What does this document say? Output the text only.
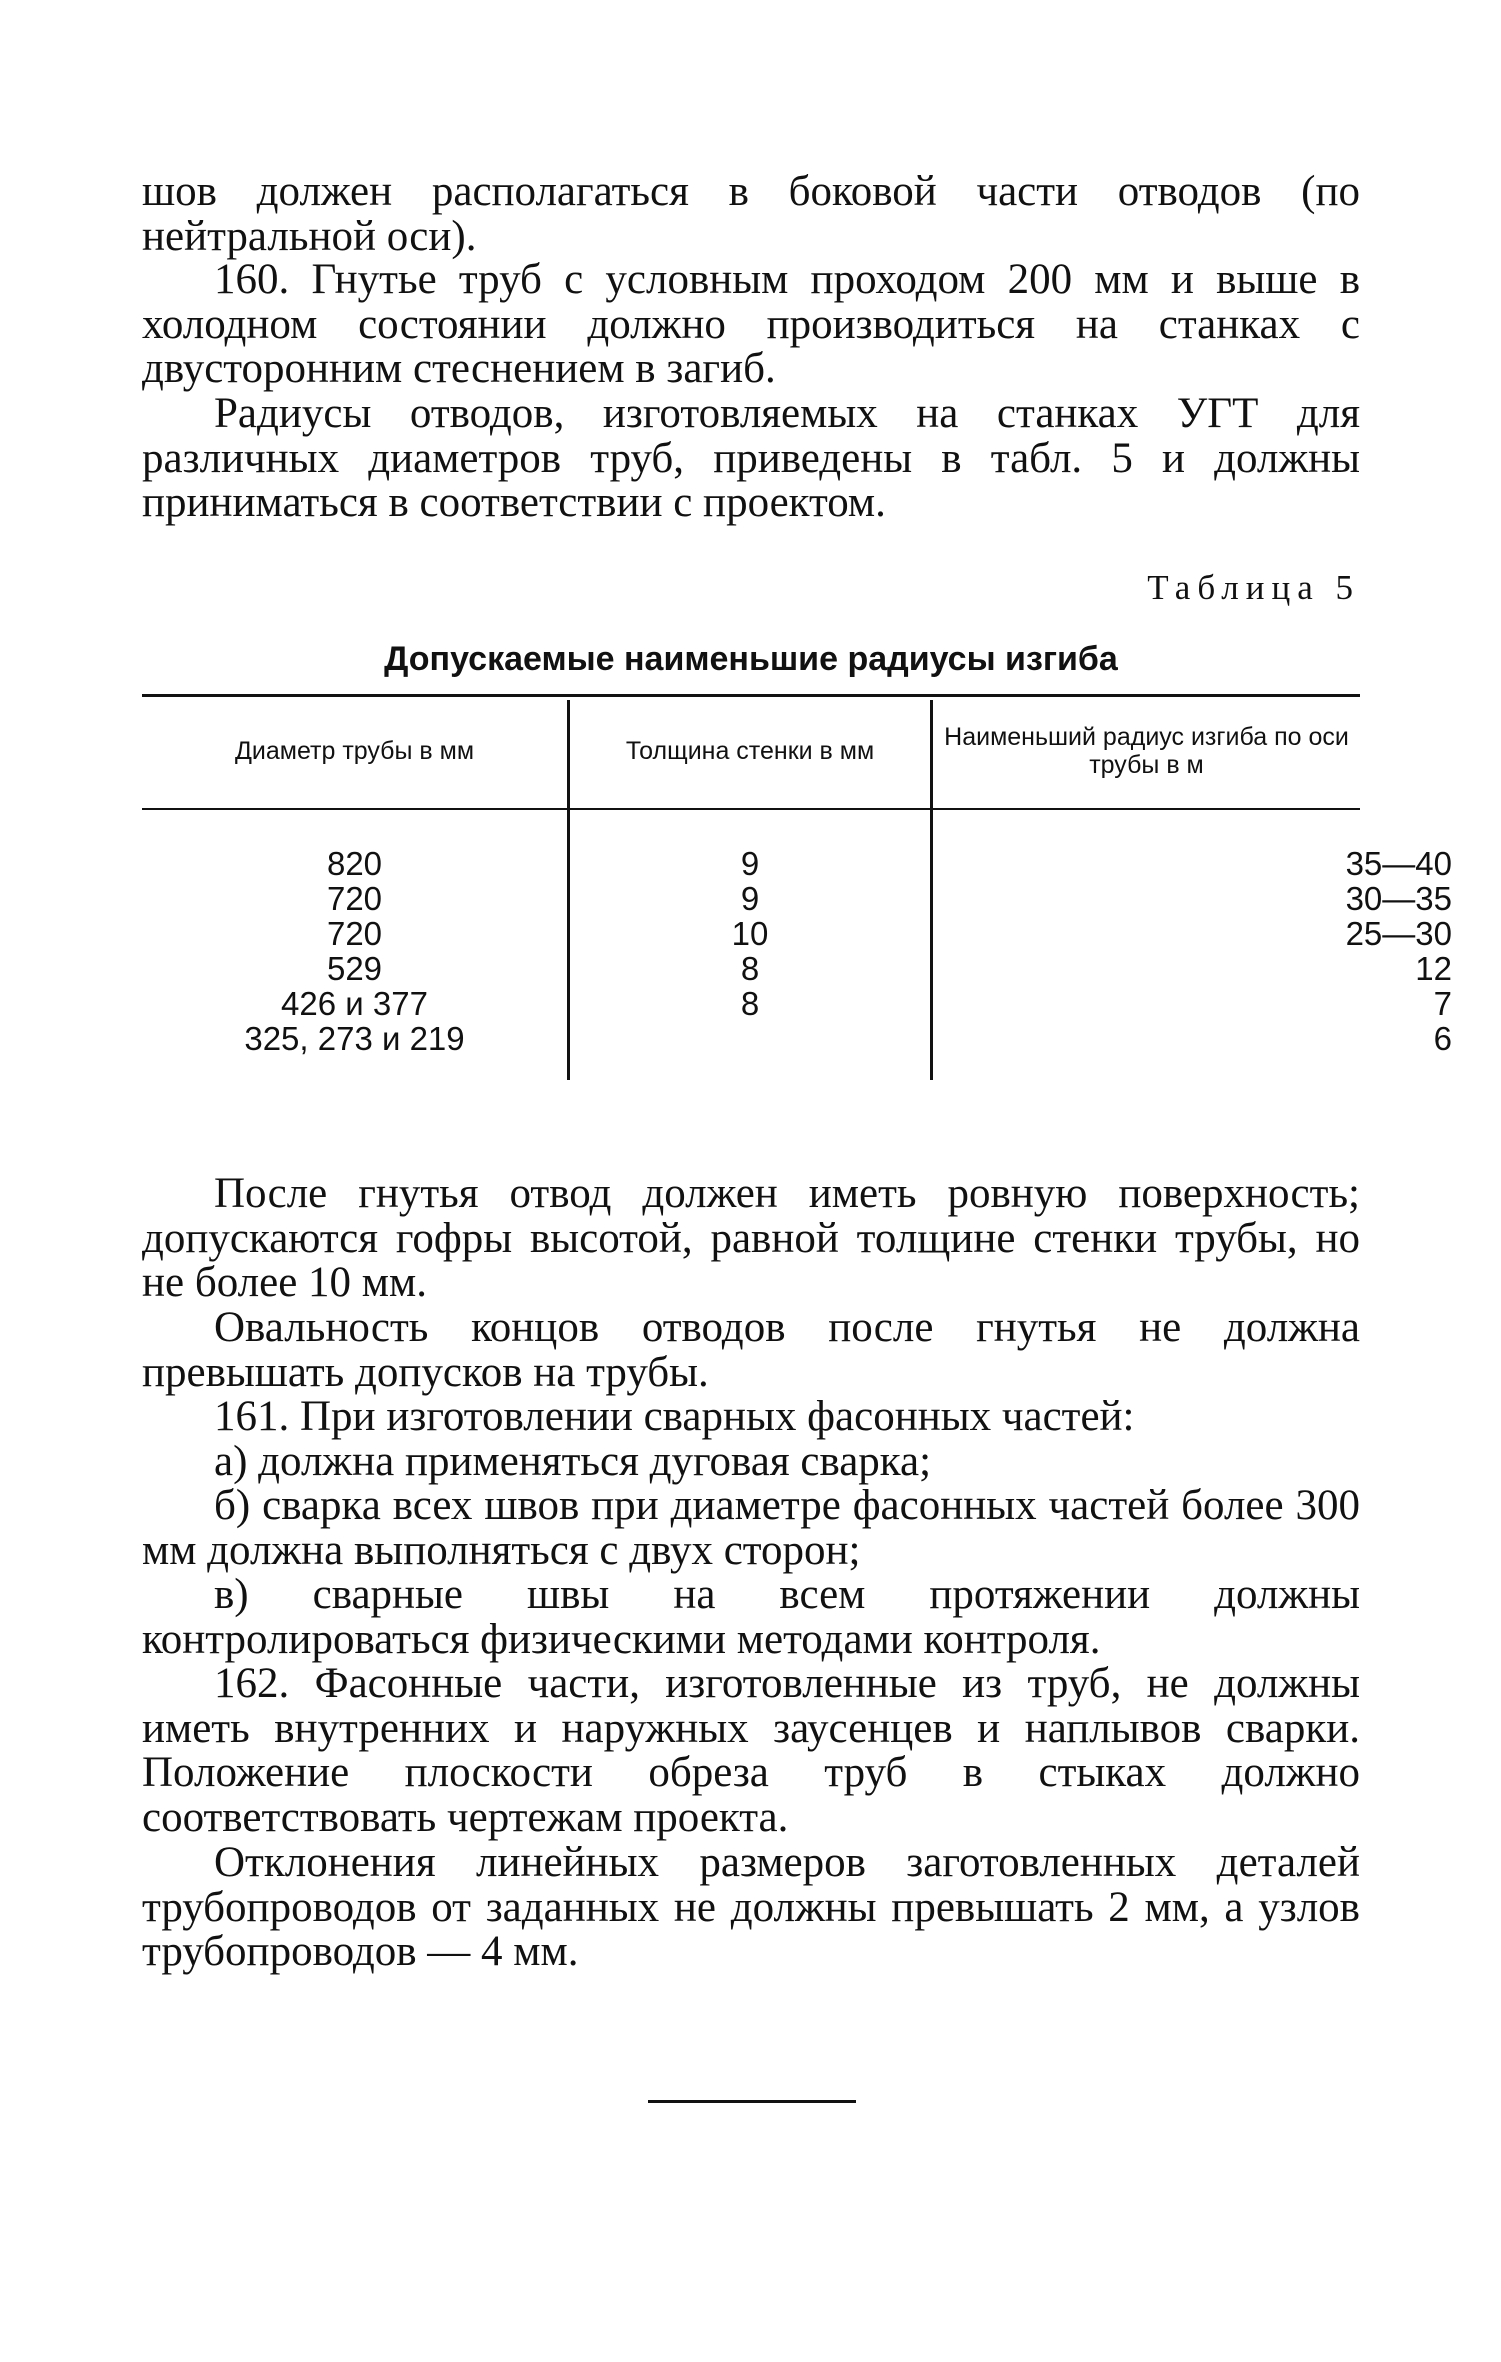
шов должен располагаться в боковой части отводов (по нейтральной оси).

160. Гнутье труб с условным проходом 200 мм и выше в холодном состоянии должно производиться на станках с двусторонним стеснением в загиб.

Радиусы отводов, изготовляемых на станках УГТ для различных диаметров труб, приведены в табл. 5 и должны приниматься в соответствии с проектом.

Таблица 5

Допускаемые наименьшие радиусы изгиба

Диаметр трубы в мм	Толщина стенки в мм	Наименьший радиус изгиба по оси трубы в м
820
720
720
529
426 и 377
325, 273 и 219
9
9
10
8
8
35—40
30—35
25—30
12
7
6

После гнутья отвод должен иметь ровную поверхность; допускаются гофры высотой, равной толщине стенки трубы, но не более 10 мм.

Овальность концов отводов после гнутья не должна превышать допусков на трубы.

161. При изготовлении сварных фасонных частей:

а) должна применяться дуговая сварка;

б) сварка всех швов при диаметре фасонных частей более 300 мм должна выполняться с двух сторон;

в) сварные швы на всем протяжении должны контролироваться физическими методами контроля.

162. Фасонные части, изготовленные из труб, не должны иметь внутренних и наружных заусенцев и наплывов сварки. Положение плоскости обреза труб в стыках должно соответствовать чертежам проекта.

Отклонения линейных размеров заготовленных деталей трубопроводов от заданных не должны превышать 2 мм, а узлов трубопроводов — 4 мм.
